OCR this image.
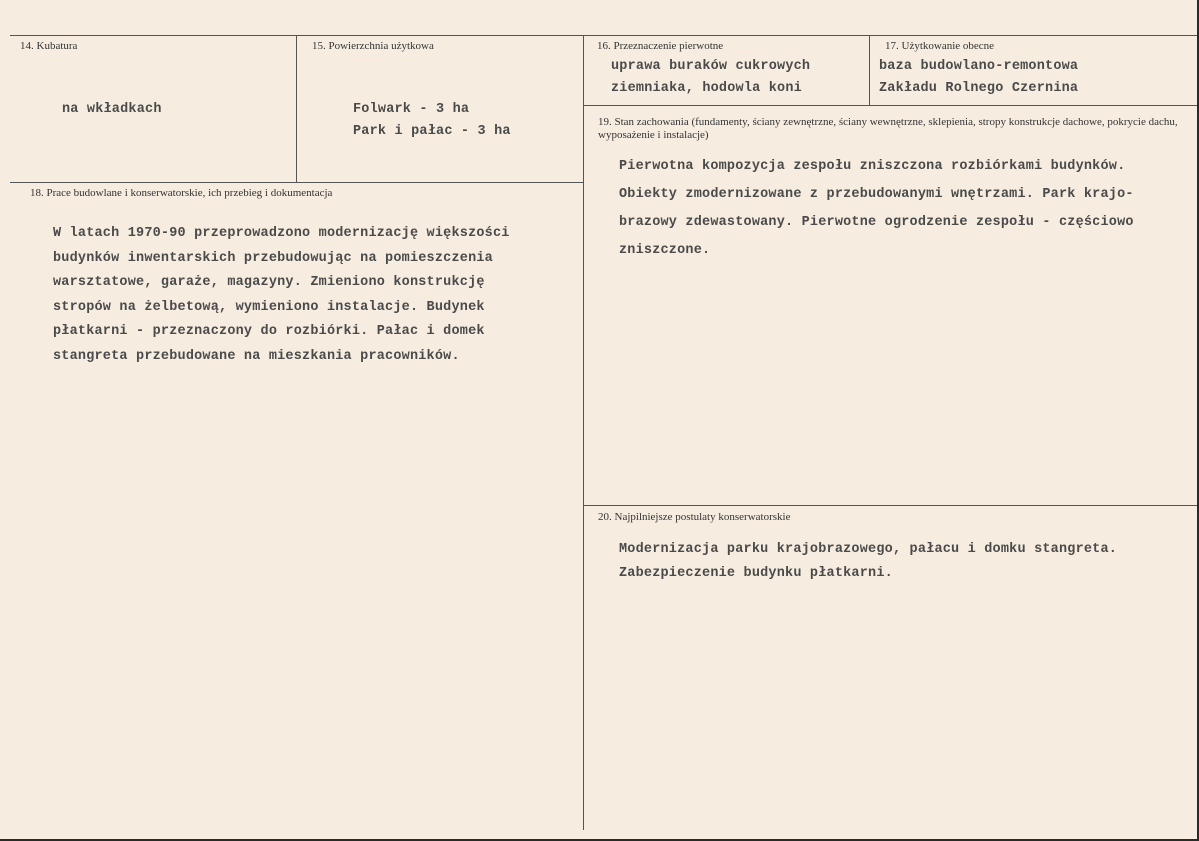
14. Kubatura
na wkładkach
15. Powierzchnia użytkowa
Folwark - 3 ha
Park i pałac - 3 ha
16. Przeznaczenie pierwotne
uprawa buraków cukrowych
ziemniaka, hodowla koni
17. Użytkowanie obecne
baza budowlano-remontowa
Zakładu Rolnego Czernina
18. Prace budowlane i konserwatorskie, ich przebieg i dokumentacja
W latach 1970-90 przeprowadzono modernizację większości
budynków inwentarskich przebudowując na pomieszczenia
warsztatowe, garaże, magazyny. Zmieniono konstrukcję
stropów na żelbetową, wymieniono instalacje. Budynek
płatkarni - przeznaczony do rozbiórki. Pałac i domek
stangreta przebudowane na mieszkania pracowników.
19. Stan zachowania (fundamenty, ściany zewnętrzne, ściany wewnętrzne, sklepienia, stropy konstrukcje dachowe, pokrycie dachu, wyposażenie i instalacje)
Pierwotna kompozycja zespołu zniszczona rozbiórkami budynków.
Obiekty zmodernizowane z przebudowanymi wnętrzami. Park krajo-
brazowy zdewastowany. Pierwotne ogrodzenie zespołu - częściowo
zniszczone.
20. Najpilniejsze postulaty konserwatorskie
Modernizacja parku krajobrazowego, pałacu i domku stangreta.
Zabezpieczenie budynku płatkarni.
